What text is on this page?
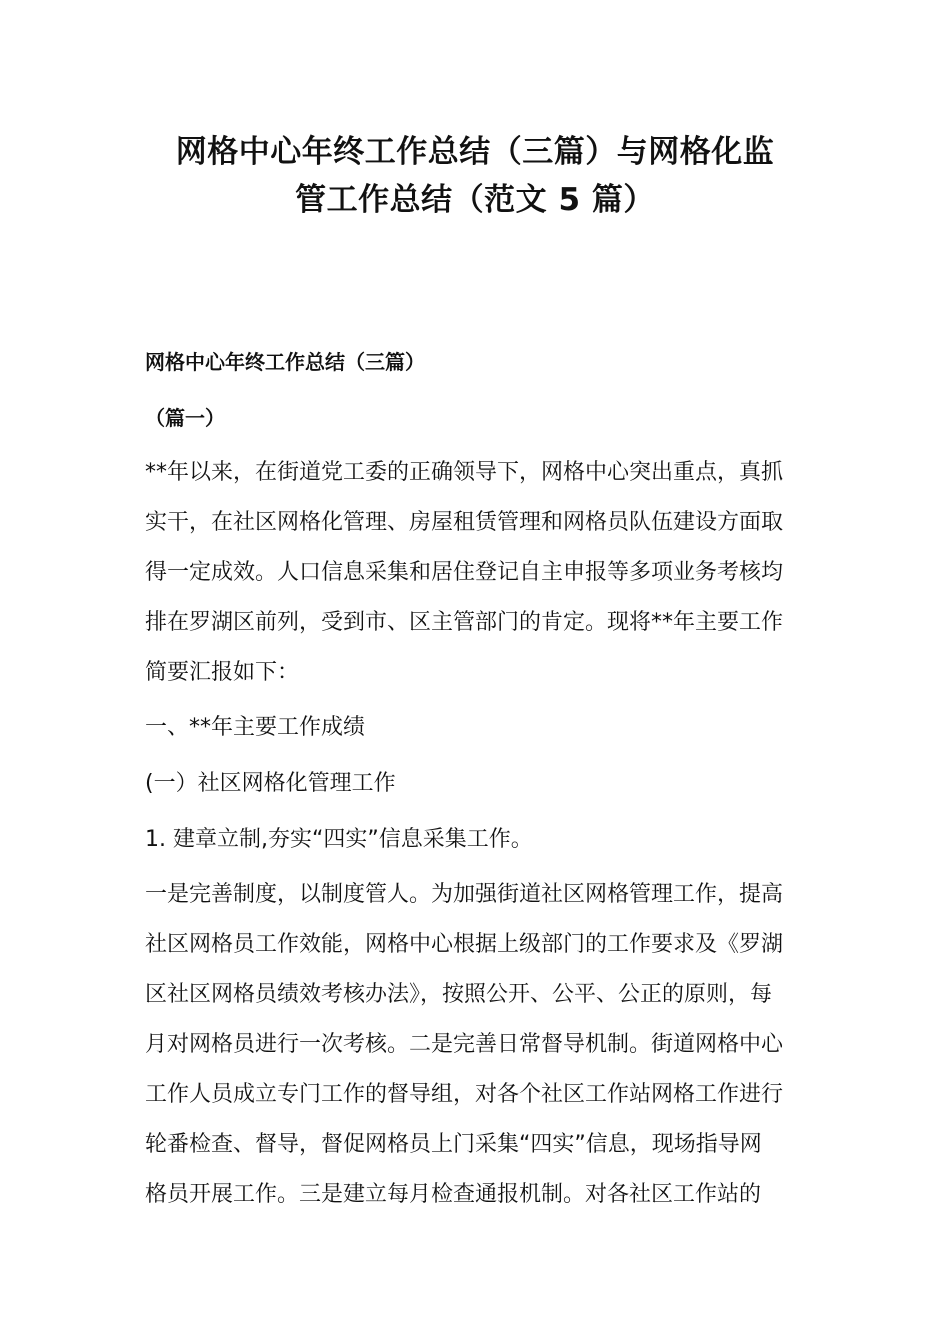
网格中心年终工作总结（三篇）与网格化监
管工作总结（范文 5 篇）
网格中心年终工作总结（三篇）
（篇一）
**年以来，在街道党工委的正确领导下，网格中心突出重点，真抓
实干，在社区网格化管理、房屋租赁管理和网格员队伍建设方面取
得一定成效。人口信息采集和居住登记自主申报等多项业务考核均
排在罗湖区前列，受到市、区主管部门的肯定。现将**年主要工作
简要汇报如下：
一、**年主要工作成绩
(一）社区网格化管理工作
1. 建章立制,夯实“四实”信息采集工作。
一是完善制度，以制度管人。为加强街道社区网格管理工作，提高
社区网格员工作效能，网格中心根据上级部门的工作要求及《罗湖
区社区网格员绩效考核办法》，按照公开、公平、公正的原则，每
月对网格员进行一次考核。二是完善日常督导机制。街道网格中心
工作人员成立专门工作的督导组，对各个社区工作站网格工作进行
轮番检查、督导，督促网格员上门采集“四实”信息，现场指导网
格员开展工作。三是建立每月检查通报机制。对各社区工作站的
